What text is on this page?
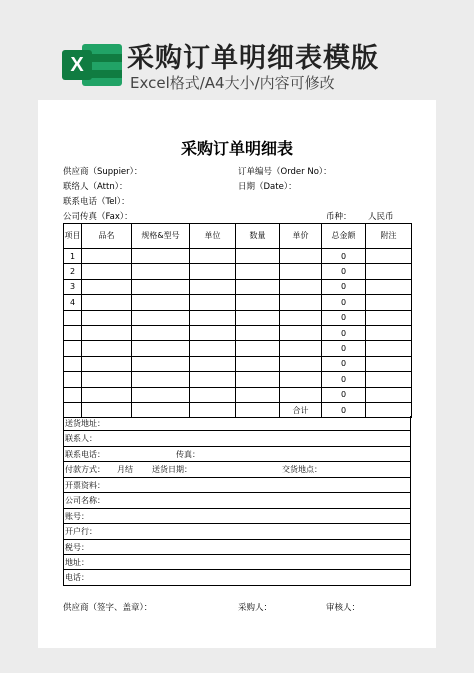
X	采购订单明细表模版
Excel格式/A4大小/内容可修改
采购订单明细表
供应商（Suppier）：	订单编号（Order No）：
联络人（Attn）：	日期（Date）：
联系电话（Tel）：
公司传真（Fax）：	币种： 人民币
项目	品名	规格&型号	单位	数量	单价	总金额	附注
1						0	
2						0	
3						0	
4						0	
						0	
						0	
						0	
						0	
						0	
						0	
					合计	0	
送货地址：
联系人：
联系电话：	传真：
付款方式： 月结 送货日期：	交货地点：
开票资料：
公司名称：
账号：
开户行：
税号：
地址：
电话：
供应商（签字、盖章）：	采购人：	审核人：
